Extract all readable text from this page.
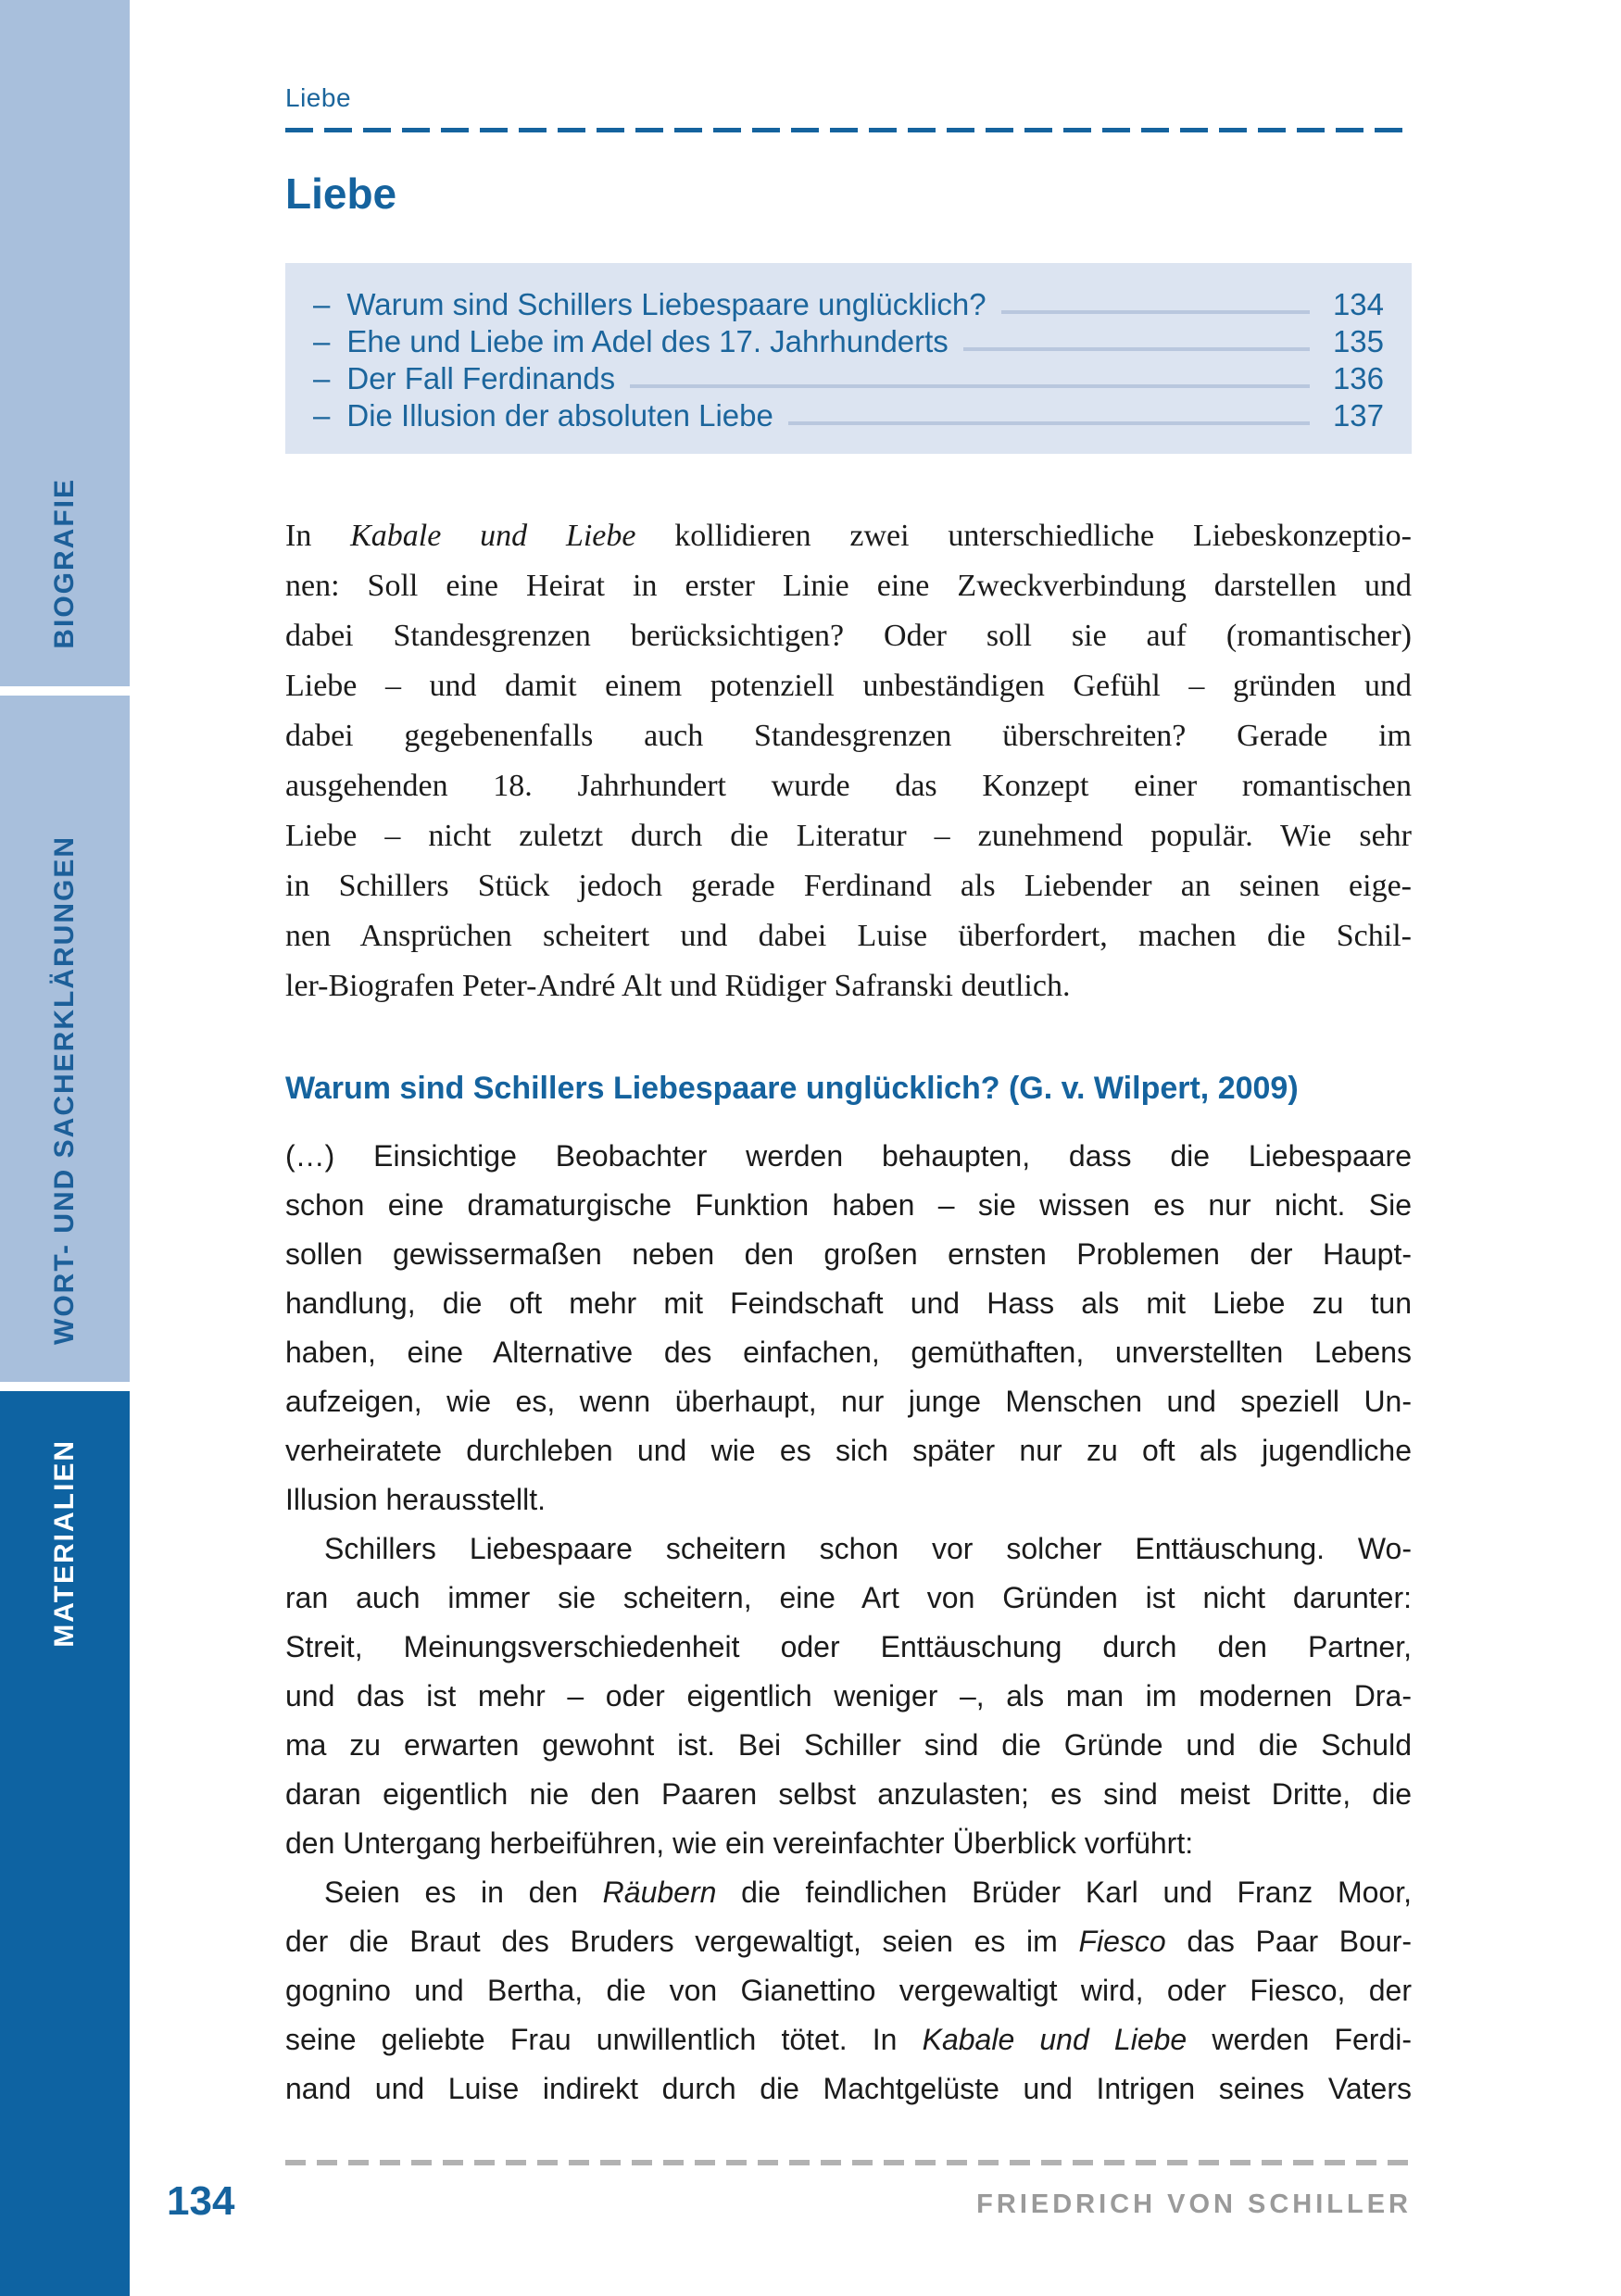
BIOGRAFIE
WORT- UND SACHERKLÄRUNGEN
MATERIALIEN
Liebe
Liebe
– Warum sind Schillers Liebespaare unglücklich?	134
– Ehe und Liebe im Adel des 17. Jahrhunderts	135
– Der Fall Ferdinands	136
– Die Illusion der absoluten Liebe	137
In Kabale und Liebe kollidieren zwei unterschiedliche Liebeskonzeptio-
nen: Soll eine Heirat in erster Linie eine Zweckverbindung darstellen und
dabei Standesgrenzen berücksichtigen? Oder soll sie auf (romantischer)
Liebe – und damit einem potenziell unbeständigen Gefühl – gründen und
dabei gegebenenfalls auch Standesgrenzen überschreiten? Gerade im
ausgehenden 18. Jahrhundert wurde das Konzept einer romantischen
Liebe – nicht zuletzt durch die Literatur – zunehmend populär. Wie sehr
in Schillers Stück jedoch gerade Ferdinand als Liebender an seinen eige-
nen Ansprüchen scheitert und dabei Luise überfordert, machen die Schil-
ler-Biografen Peter-André Alt und Rüdiger Safranski deutlich.
Warum sind Schillers Liebespaare unglücklich? (G. v. Wilpert, 2009)
(…) Einsichtige Beobachter werden behaupten, dass die Liebespaare
schon eine dramaturgische Funktion haben – sie wissen es nur nicht. Sie
sollen gewissermaßen neben den großen ernsten Problemen der Haupt-
handlung, die oft mehr mit Feindschaft und Hass als mit Liebe zu tun
haben, eine Alternative des einfachen, gemüthaften, unverstellten Lebens
aufzeigen, wie es, wenn überhaupt, nur junge Menschen und speziell Un-
verheiratete durchleben und wie es sich später nur zu oft als jugendliche
Illusion herausstellt.
Schillers Liebespaare scheitern schon vor solcher Enttäuschung. Wo-
ran auch immer sie scheitern, eine Art von Gründen ist nicht darunter:
Streit, Meinungsverschiedenheit oder Enttäuschung durch den Partner,
und das ist mehr – oder eigentlich weniger –, als man im modernen Dra-
ma zu erwarten gewohnt ist. Bei Schiller sind die Gründe und die Schuld
daran eigentlich nie den Paaren selbst anzulasten; es sind meist Dritte, die
den Untergang herbeiführen, wie ein vereinfachter Überblick vorführt:
Seien es in den Räubern die feindlichen Brüder Karl und Franz Moor,
der die Braut des Bruders vergewaltigt, seien es im Fiesco das Paar Bour-
gognino und Bertha, die von Gianettino vergewaltigt wird, oder Fiesco, der
seine geliebte Frau unwillentlich tötet. In Kabale und Liebe werden Ferdi-
nand und Luise indirekt durch die Machtgelüste und Intrigen seines Vaters
134	FRIEDRICH VON SCHILLER
